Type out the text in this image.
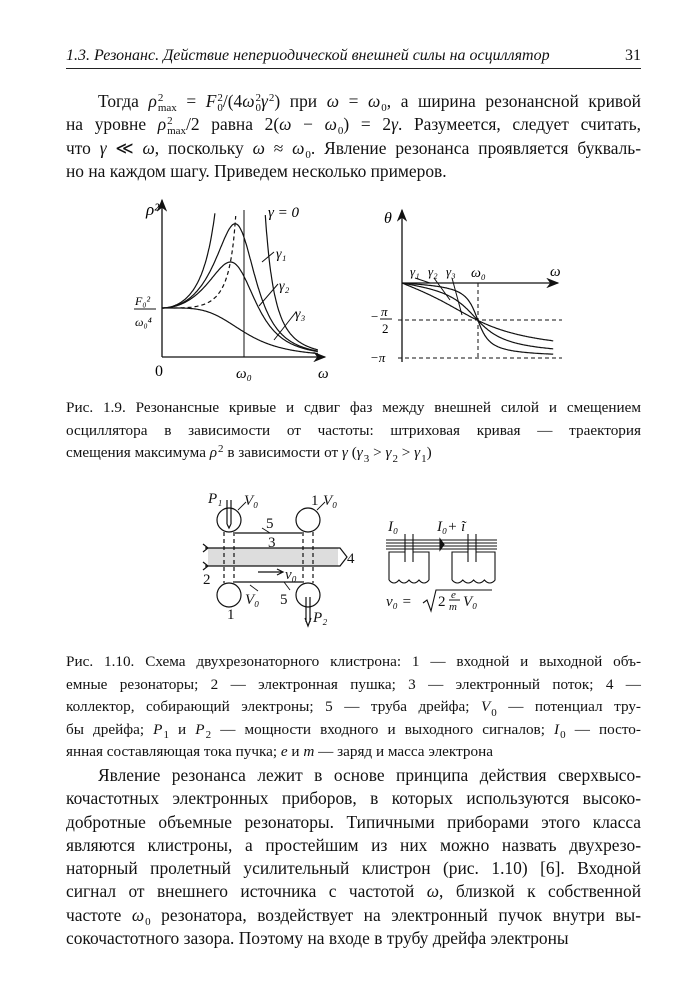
1.3. Резонанс. Действие непериодической внешней силы на осциллятор	31
Тогда ρ 2
max = F 2
0 /(4ω 2
0 γ 2
) при ω = ω
0 , а ширина резонансной кривой
на уровне ρ 2
max /2 равна 2(ω − ω
0 ) = 2γ. Разумеется, следует считать,
что γ ≪ ω, поскольку ω ≈ ω
0 . Явление резонанса проявляется букваль-
но на каждом шагу. Приведем несколько примеров.
ρ²
0	ω₀	ω
F₀²
ω₀⁴
γ = 0
γ₁
γ₂
γ₃
θ
ω
ω₀
− π
2
−π
γ₁ γ₂ γ₃
Рис. 1.9. Резонансные кривые и сдвиг фаз между внешней силой и смещением
осциллятора в зависимости от частоты: штриховая кривая — траектория
смещения максимума ρ 2
в зависимости от γ (γ
3 > γ
2 > γ
1 )
P₁ V₀	V₀
V₀
P₂
v₀
1
1
5
5
3
4
2
I₀	I₀+ ĩ
v₀ = 2 e
m V₀
Рис. 1.10. Схема двухрезонаторного клистрона: 1 — входной и выходной объ-
емные резонаторы; 2 — электронная пушка; 3 — электронный поток; 4 —
коллектор, собирающий электроны; 5 — труба дрейфа; V
0 — потенциал тру-
бы дрейфа; P
1 и P
2 — мощности входного и выходного сигналов; I
0 — посто-
янная составляющая тока пучка; e и m — заряд и масса электрона
Явление резонанса лежит в основе принципа действия сверхвысо-
кочастотных электронных приборов, в которых используются высоко-
добротные объемные резонаторы. Типичными приборами этого класса
являются клистроны, а простейшим из них можно назвать двухрезо-
наторный пролетный усилительный клистрон (рис. 1.10) [6]. Входной
сигнал от внешнего источника с частотой ω, близкой к собственной
частоте ω
0 резонатора, воздействует на электронный пучок внутри вы-
сокочастотного зазора. Поэтому на входе в трубу дрейфа электроны
